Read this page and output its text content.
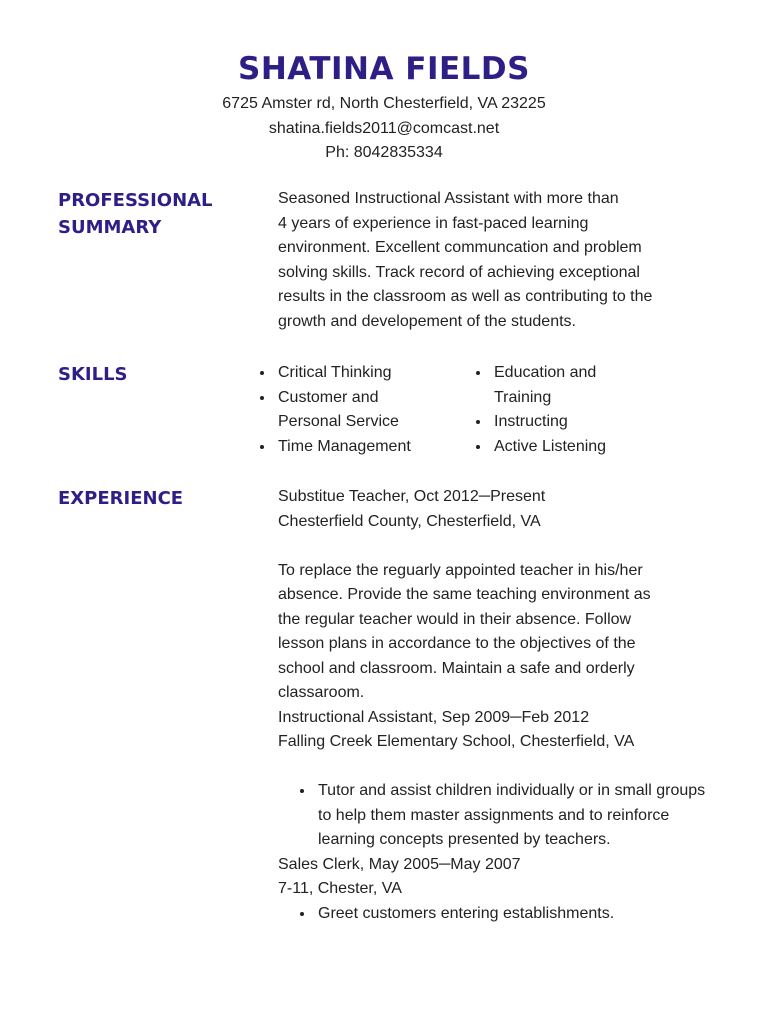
SHATINA FIELDS
6725 Amster rd, North Chesterfield, VA 23225
shatina.fields2011@comcast.net
Ph: 8042835334
PROFESSIONAL
SUMMARY
Seasoned Instructional Assistant with more than
4 years of experience in fast-paced learning
environment. Excellent communcation and problem
solving skills. Track record of achieving exceptional
results in the classroom as well as contributing to the
growth and developement of the students.
SKILLS	Critical Thinking
Customer and Personal Service
Time Management
Education and Training
Instructing
Active Listening
EXPERIENCE	Substitue Teacher, Oct 2012─Present
Chesterfield County, Chesterfield, VA
To replace the reguarly appointed teacher in his/her
absence. Provide the same teaching environment as
the regular teacher would in their absence. Follow
lesson plans in accordance to the objectives of the
school and classroom. Maintain a safe and orderly
classaroom.
Instructional Assistant, Sep 2009─Feb 2012
Falling Creek Elementary School, Chesterfield, VA
Tutor and assist children individually or in small groups to help them master assignments and to reinforce learning concepts presented by teachers.
Sales Clerk, May 2005─May 2007
7-11, Chester, VA
Greet customers entering establishments.
